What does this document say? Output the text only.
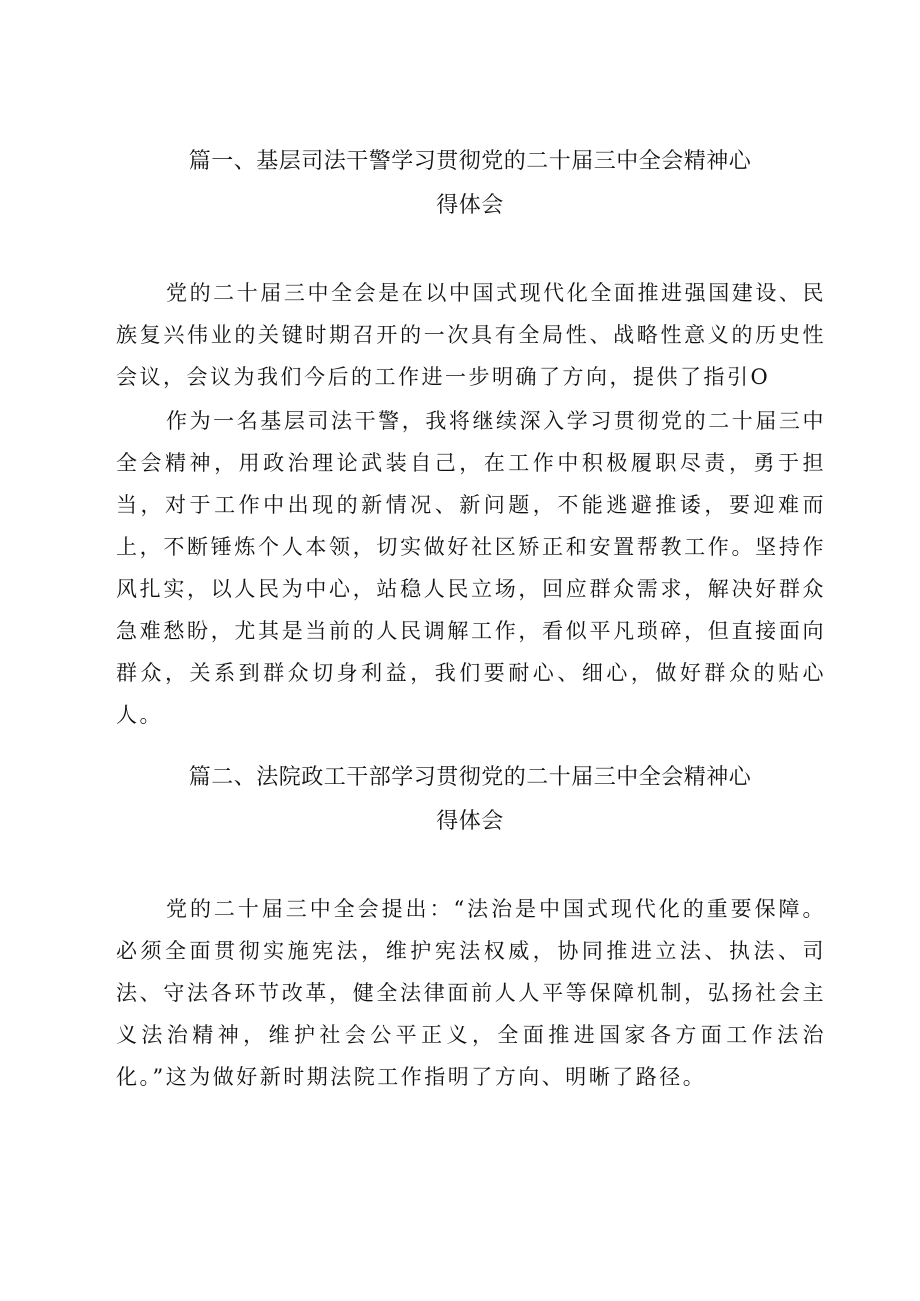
篇一、基层司法干警学习贯彻党的二十届三中全会精神心
得体会

党的二十届三中全会是在以中国式现代化全面推进强国建设、民族复兴伟业的关键时期召开的一次具有全局性、战略性意义的历史性会议，会议为我们今后的工作进一步明确了方向，提供了指引O

作为一名基层司法干警，我将继续深入学习贯彻党的二十届三中全会精神，用政治理论武装自己，在工作中积极履职尽责，勇于担当，对于工作中出现的新情况、新问题，不能逃避推诿，要迎难而上，不断锤炼个人本领，切实做好社区矫正和安置帮教工作。坚持作风扎实，以人民为中心，站稳人民立场，回应群众需求，解决好群众急难愁盼，尤其是当前的人民调解工作，看似平凡琐碎，但直接面向群众，关系到群众切身利益，我们要耐心、细心，做好群众的贴心人。

篇二、法院政工干部学习贯彻党的二十届三中全会精神心
得体会

党的二十届三中全会提出：“法治是中国式现代化的重要保障。必须全面贯彻实施宪法，维护宪法权威，协同推进立法、执法、司法、守法各环节改革，健全法律面前人人平等保障机制，弘扬社会主义法治精神，维护社会公平正义，全面推进国家各方面工作法治化。”这为做好新时期法院工作指明了方向、明晰了路径。
